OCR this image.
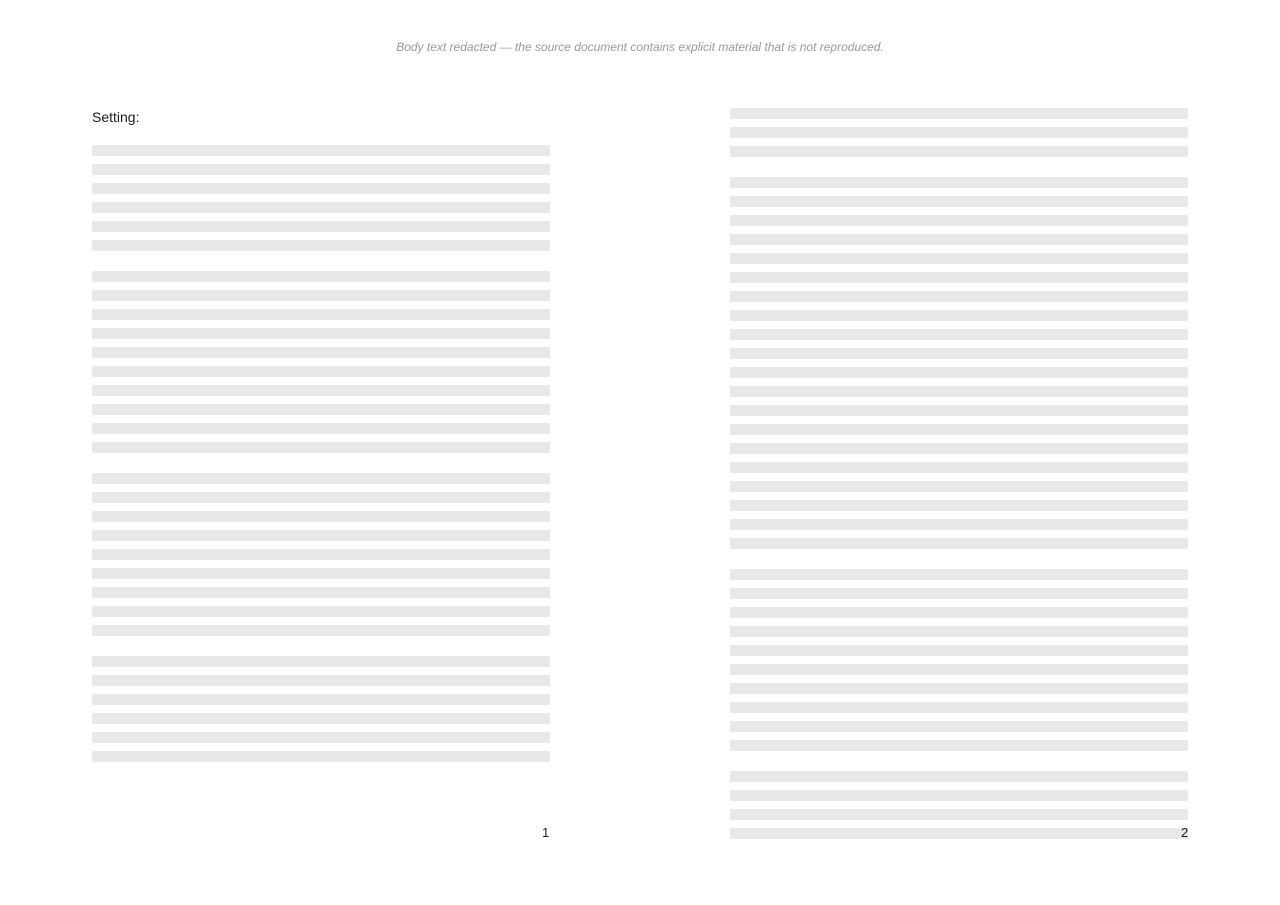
Body text redacted — the source document contains explicit material that is not reproduced.
Setting:
1	2
